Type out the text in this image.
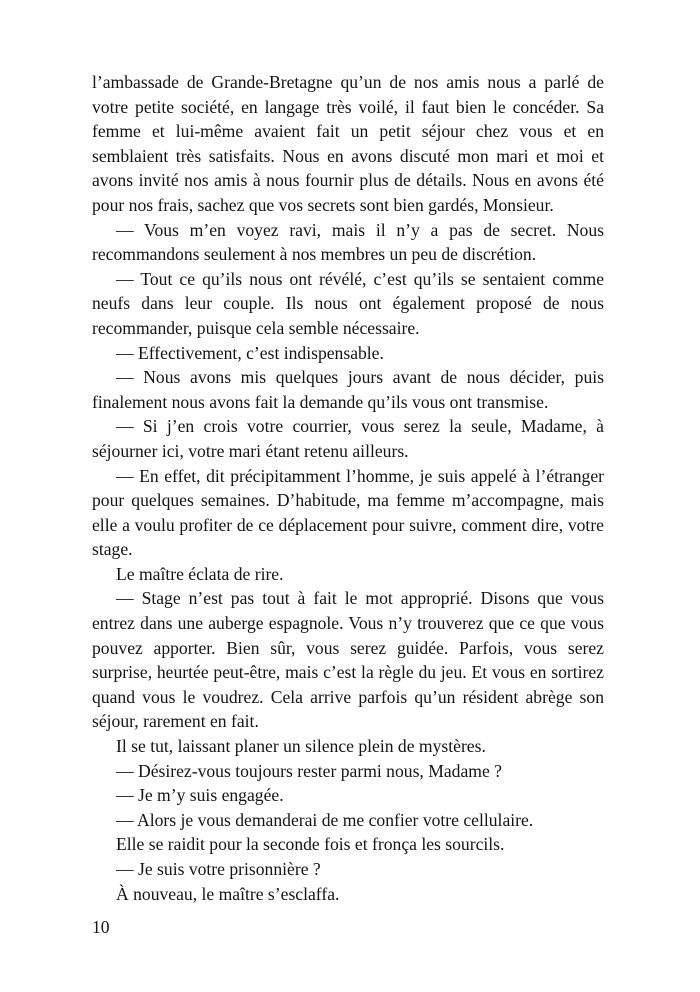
l’ambassade de Grande-Bretagne qu’un de nos amis nous a parlé de votre petite société, en langage très voilé, il faut bien le concéder. Sa femme et lui-même avaient fait un petit séjour chez vous et en semblaient très satisfaits. Nous en avons discuté mon mari et moi et avons invité nos amis à nous fournir plus de détails. Nous en avons été pour nos frais, sachez que vos secrets sont bien gardés, Monsieur.

— Vous m’en voyez ravi, mais il n’y a pas de secret. Nous recommandons seulement à nos membres un peu de discrétion.

— Tout ce qu’ils nous ont révélé, c’est qu’ils se sentaient comme neufs dans leur couple. Ils nous ont également proposé de nous recommander, puisque cela semble nécessaire.

— Effectivement, c’est indispensable.

— Nous avons mis quelques jours avant de nous décider, puis finalement nous avons fait la demande qu’ils vous ont transmise.

— Si j’en crois votre courrier, vous serez la seule, Madame, à séjourner ici, votre mari étant retenu ailleurs.

— En effet, dit précipitamment l’homme, je suis appelé à l’étranger pour quelques semaines. D’habitude, ma femme m’accompagne, mais elle a voulu profiter de ce déplacement pour suivre, comment dire, votre stage.

Le maître éclata de rire.

— Stage n’est pas tout à fait le mot approprié. Disons que vous entrez dans une auberge espagnole. Vous n’y trouverez que ce que vous pouvez apporter. Bien sûr, vous serez guidée. Parfois, vous serez surprise, heurtée peut-être, mais c’est la règle du jeu. Et vous en sortirez quand vous le voudrez. Cela arrive parfois qu’un résident abrège son séjour, rarement en fait.

Il se tut, laissant planer un silence plein de mystères.

— Désirez-vous toujours rester parmi nous, Madame ?

— Je m’y suis engagée.

— Alors je vous demanderai de me confier votre cellulaire.

Elle se raidit pour la seconde fois et fronça les sourcils.

— Je suis votre prisonnière ?

À nouveau, le maître s’esclaffa.

10
